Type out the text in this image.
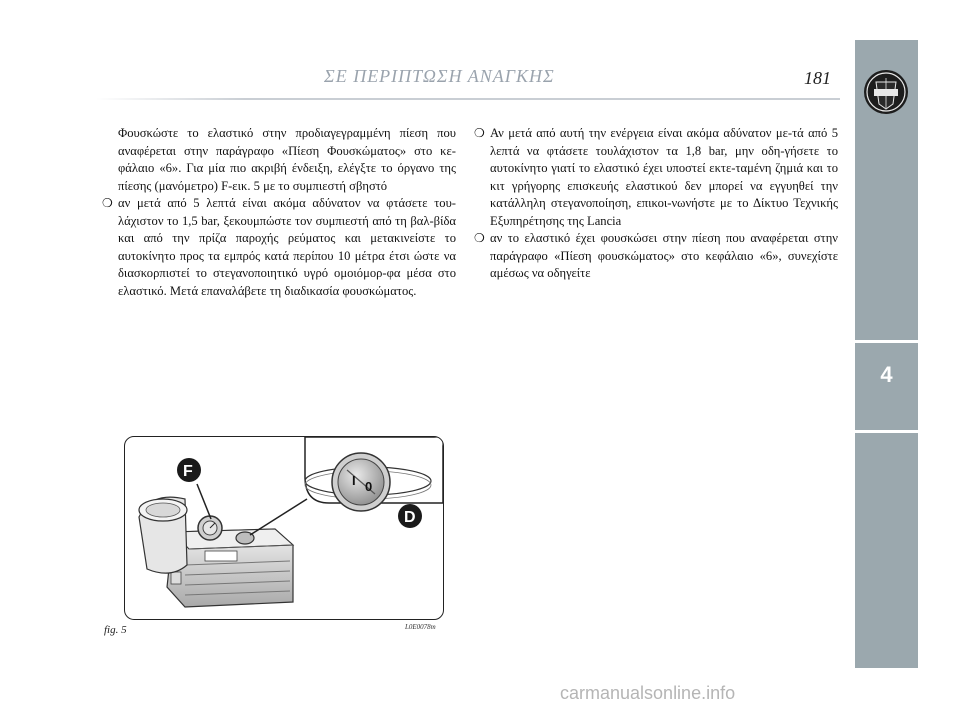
ΣΕ ΠΕΡΙΠΤΩΣΗ ΑΝΑΓΚΗΣ	181
4

Φουσκώστε το ελαστικό στην προδιαγεγραμμένη πίεση που αναφέρεται στην παράγραφο «Πίεση Φουσκώματος» στο κε-φάλαιο «6». Για μία πιο ακριβή ένδειξη, ελέγξτε το όργανο της πίεσης (μανόμετρο) F-εικ. 5 με το συμπιεστή σβηστό

❍ αν μετά από 5 λεπτά είναι ακόμα αδύνατον να φτάσετε του-λάχιστον το 1,5 bar, ξεκουμπώστε τον συμπιεστή από τη βαλ-βίδα και από την πρίζα παροχής ρεύματος και μετακινείστε το αυτοκίνητο προς τα εμπρός κατά περίπου 10 μέτρα έτσι ώστε να διασκορπιστεί το στεγανοποιητικό υγρό ομοιόμορ-φα μέσα στο ελαστικό. Μετά επαναλάβετε τη διαδικασία φουσκώματος.
❍ Αν μετά από αυτή την ενέργεια είναι ακόμα αδύνατον με-τά από 5 λεπτά να φτάσετε τουλάχιστον τα 1,8 bar, μην οδη-γήσετε το αυτοκίνητο γιατί το ελαστικό έχει υποστεί εκτε-ταμένη ζημιά και το κιτ γρήγορης επισκευής ελαστικού δεν μπορεί να εγγυηθεί την κατάλληλη στεγανοποίηση, επικοι-νωνήστε με το Δίκτυο Τεχνικής Εξυπηρέτησης της Lancia
❍ αν το ελαστικό έχει φουσκώσει στην πίεση που αναφέρεται στην παράγραφο «Πίεση φουσκώματος» στο κεφάλαιο «6», συνεχίστε αμέσως να οδηγείτε
I 0
F
D
fig. 5	L0E0078m
carmanualsonline.info
